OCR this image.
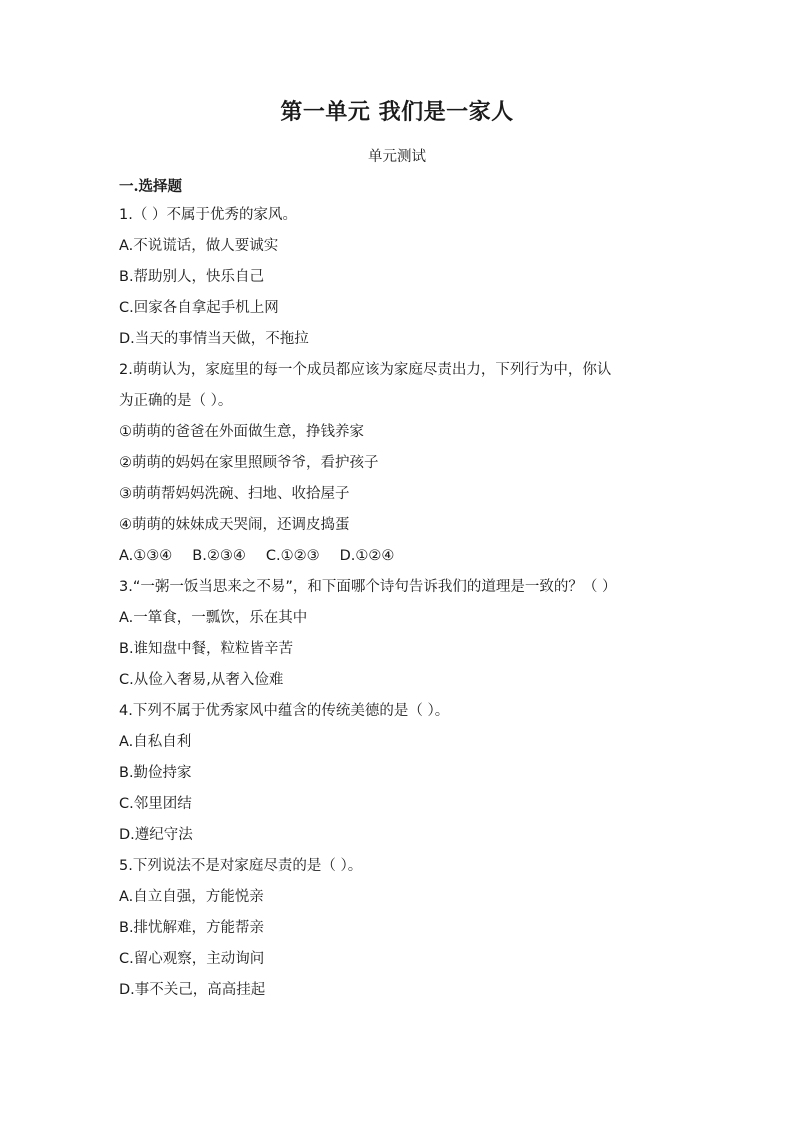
第一单元 我们是一家人
单元测试
一.选择题
1.（ ）不属于优秀的家风。
A.不说谎话，做人要诚实
B.帮助别人，快乐自己
C.回家各自拿起手机上网
D.当天的事情当天做，不拖拉
2.萌萌认为，家庭里的每一个成员都应该为家庭尽责出力，下列行为中，你认
为正确的是（ ）。
①萌萌的爸爸在外面做生意，挣钱养家
②萌萌的妈妈在家里照顾爷爷，看护孩子
③萌萌帮妈妈洗碗、扫地、收拾屋子
④萌萌的妹妹成天哭闹，还调皮捣蛋
A.①③④ B.②③④ C.①②③ D.①②④
3.“一粥一饭当思来之不易”，和下面哪个诗句告诉我们的道理是一致的？（ ）
A.一箪食，一瓢饮，乐在其中
B.谁知盘中餐，粒粒皆辛苦
C.从俭入奢易,从奢入俭难
4.下列不属于优秀家风中蕴含的传统美德的是（ ）。
A.自私自利
B.勤俭持家
C.邻里团结
D.遵纪守法
5.下列说法不是对家庭尽责的是（ ）。
A.自立自强，方能悦亲
B.排忧解难，方能帮亲
C.留心观察，主动询问
D.事不关己，高高挂起
